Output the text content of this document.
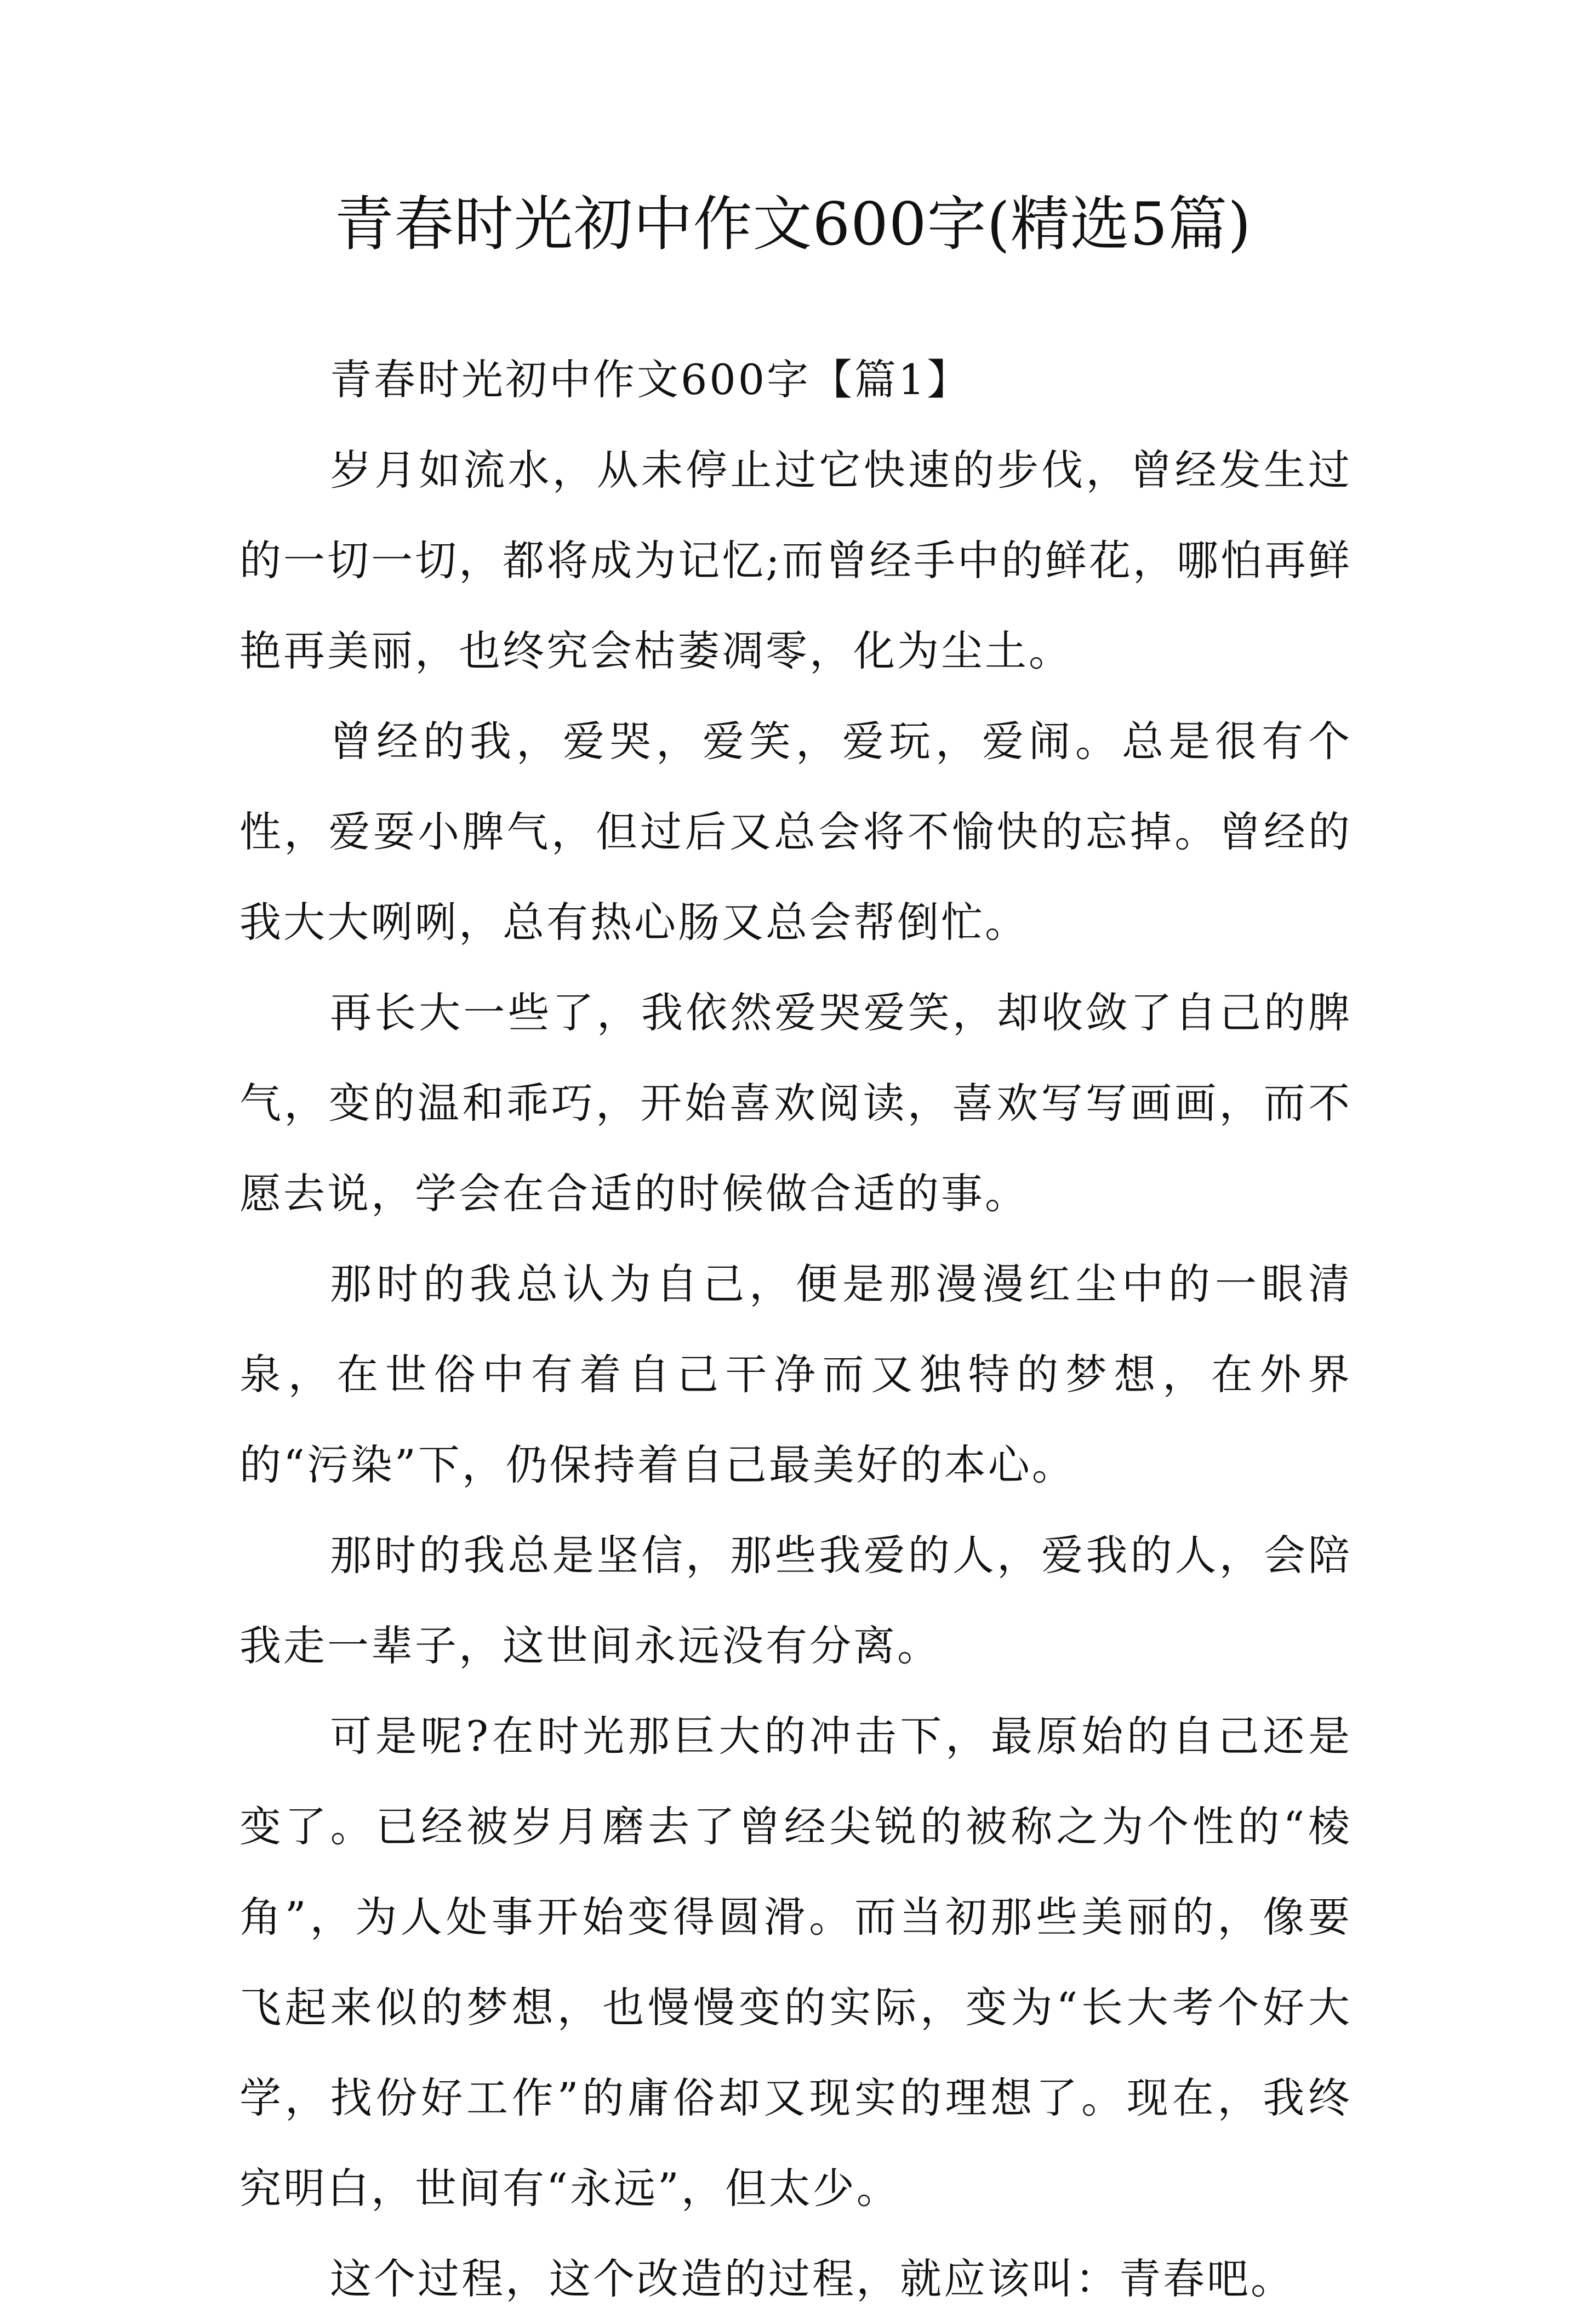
青春时光初中作文600字(精选5篇)

青春时光初中作文600字【篇1】

岁月如流水，从未停止过它快速的步伐，曾经发生过的一切一切，都将成为记忆;而曾经手中的鲜花，哪怕再鲜艳再美丽，也终究会枯萎凋零，化为尘土。

曾经的我，爱哭，爱笑，爱玩，爱闹。总是很有个性，爱耍小脾气，但过后又总会将不愉快的忘掉。曾经的我大大咧咧，总有热心肠又总会帮倒忙。

再长大一些了，我依然爱哭爱笑，却收敛了自己的脾气，变的温和乖巧，开始喜欢阅读，喜欢写写画画，而不愿去说，学会在合适的时候做合适的事。

那时的我总认为自己，便是那漫漫红尘中的一眼清泉，在世俗中有着自己干净而又独特的梦想，在外界的“污染”下，仍保持着自己最美好的本心。

那时的我总是坚信，那些我爱的人，爱我的人，会陪我走一辈子，这世间永远没有分离。

可是呢?在时光那巨大的冲击下，最原始的自己还是变了。已经被岁月磨去了曾经尖锐的被称之为个性的“棱角”，为人处事开始变得圆滑。而当初那些美丽的，像要飞起来似的梦想，也慢慢变的实际，变为“长大考个好大学，找份好工作”的庸俗却又现实的理想了。现在，我终究明白，世间有“永远”，但太少。

这个过程，这个改造的过程，就应该叫：青春吧。
